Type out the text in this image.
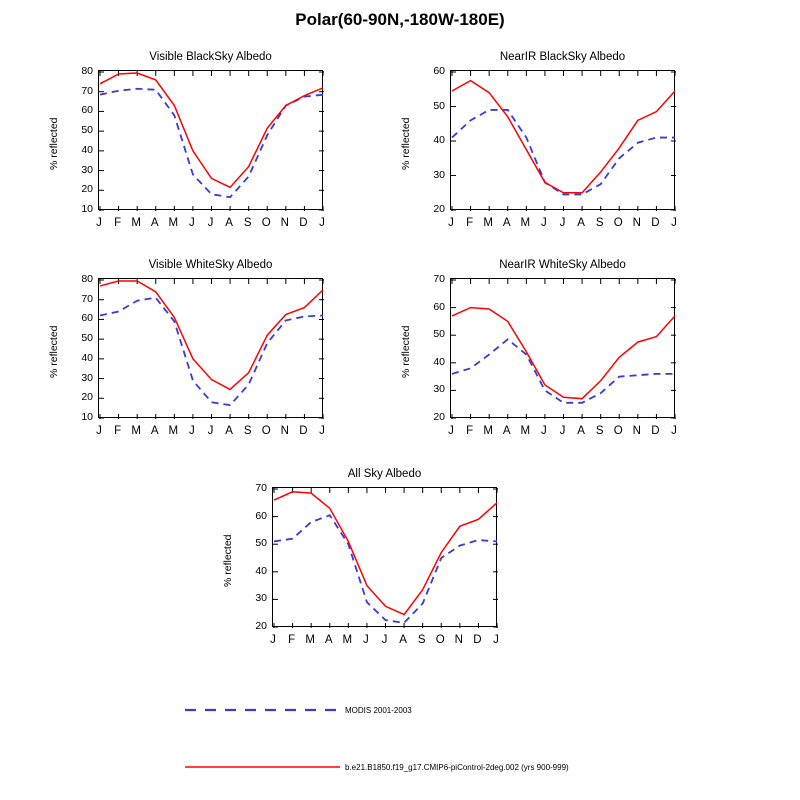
Polar(60-90N,-180W-180E)
Visible BlackSky Albedo
10
20
30
40
50
60
70
80
J F M A M J J A S O N D J
% reflected
NearIR BlackSky Albedo
20
30
40
50
60
J F M A M J J A S O N D J
% reflected
Visible WhiteSky Albedo
10
20
30
40
50
60
70
80
J F M A M J J A S O N D J
% reflected
NearIR WhiteSky Albedo
20
30
40
50
60
70
J F M A M J J A S O N D J
% reflected
All Sky Albedo
20
30
40
50
60
70
J F M A M J J A S O N D J
% reflected
MODIS 2001-2003
b.e21.B1850.f19_g17.CMIP6-piControl-2deg.002 (yrs 900-999)
